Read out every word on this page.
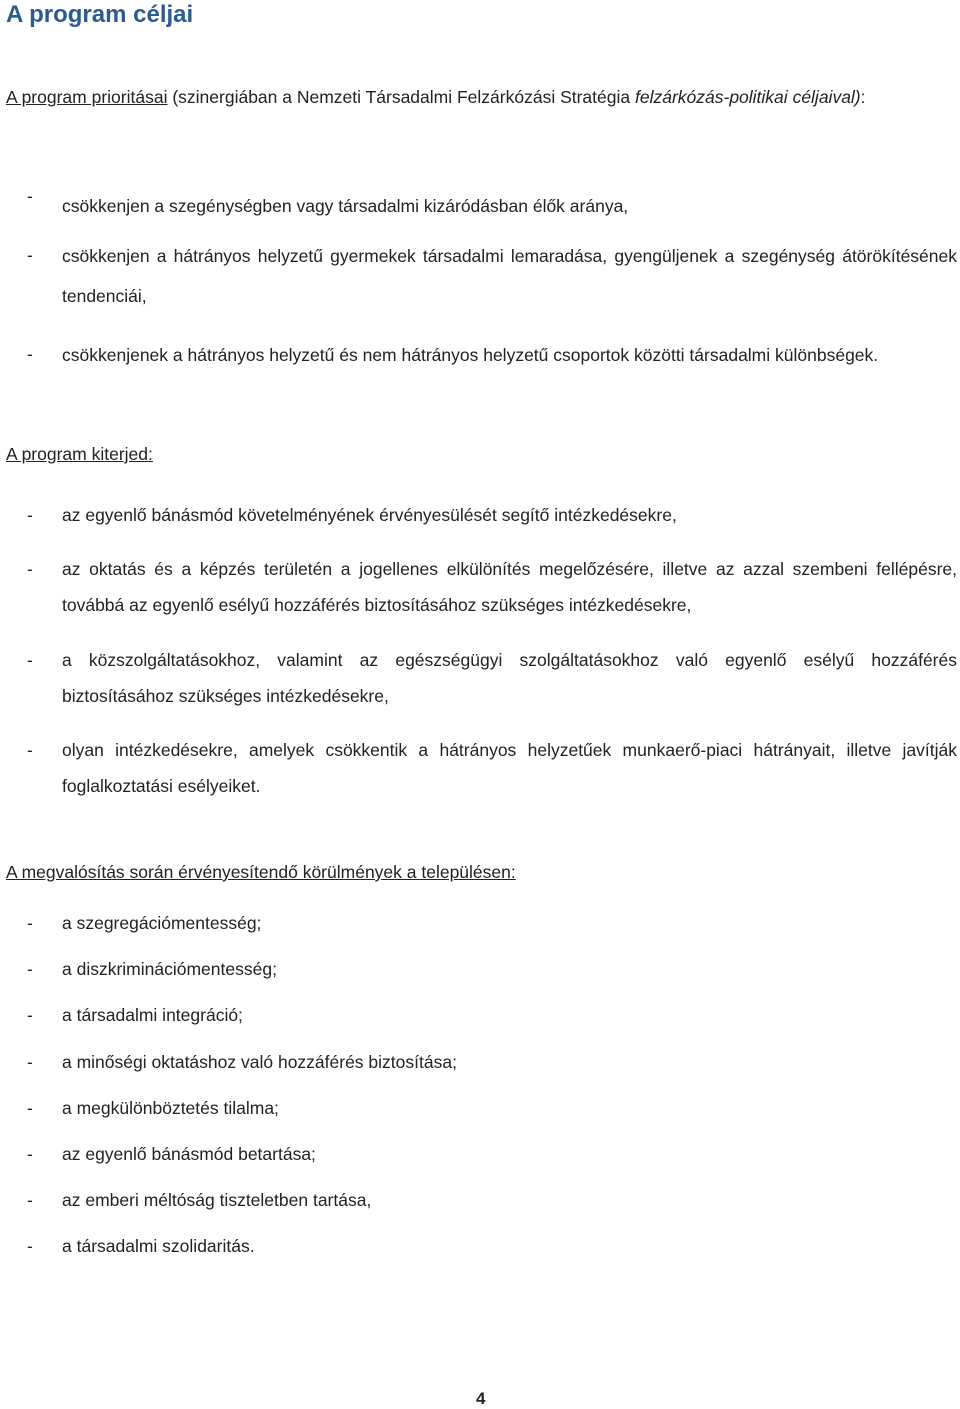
A program céljai
A program prioritásai (szinergiában a Nemzeti Társadalmi Felzárkózási Stratégia felzárkózás-politikai céljaival):
- csökkenjen a szegénységben vagy társadalmi kizáródásban élők aránya,
- csökkenjen a hátrányos helyzetű gyermekek társadalmi lemaradása, gyengüljenek a szegénység átörökítésének tendenciái,
- csökkenjenek a hátrányos helyzetű és nem hátrányos helyzetű csoportok közötti társadalmi különbségek.
A program kiterjed:
- az egyenlő bánásmód követelményének érvényesülését segítő intézkedésekre,
- az oktatás és a képzés területén a jogellenes elkülönítés megelőzésére, illetve az azzal szembeni fellépésre, továbbá az egyenlő esélyű hozzáférés biztosításához szükséges intézkedésekre,
- a közszolgáltatásokhoz, valamint az egészségügyi szolgáltatásokhoz való egyenlő esélyű hozzáférés biztosításához szükséges intézkedésekre,
- olyan intézkedésekre, amelyek csökkentik a hátrányos helyzetűek munkaerő-piaci hátrányait, illetve javítják foglalkoztatási esélyeiket.
A megvalósítás során érvényesítendő körülmények a településen:
- a szegregációmentesség;
- a diszkriminációmentesség;
- a társadalmi integráció;
- a minőségi oktatáshoz való hozzáférés biztosítása;
- a megkülönböztetés tilalma;
- az egyenlő bánásmód betartása;
- az emberi méltóság tiszteletben tartása,
- a társadalmi szolidaritás.
4
